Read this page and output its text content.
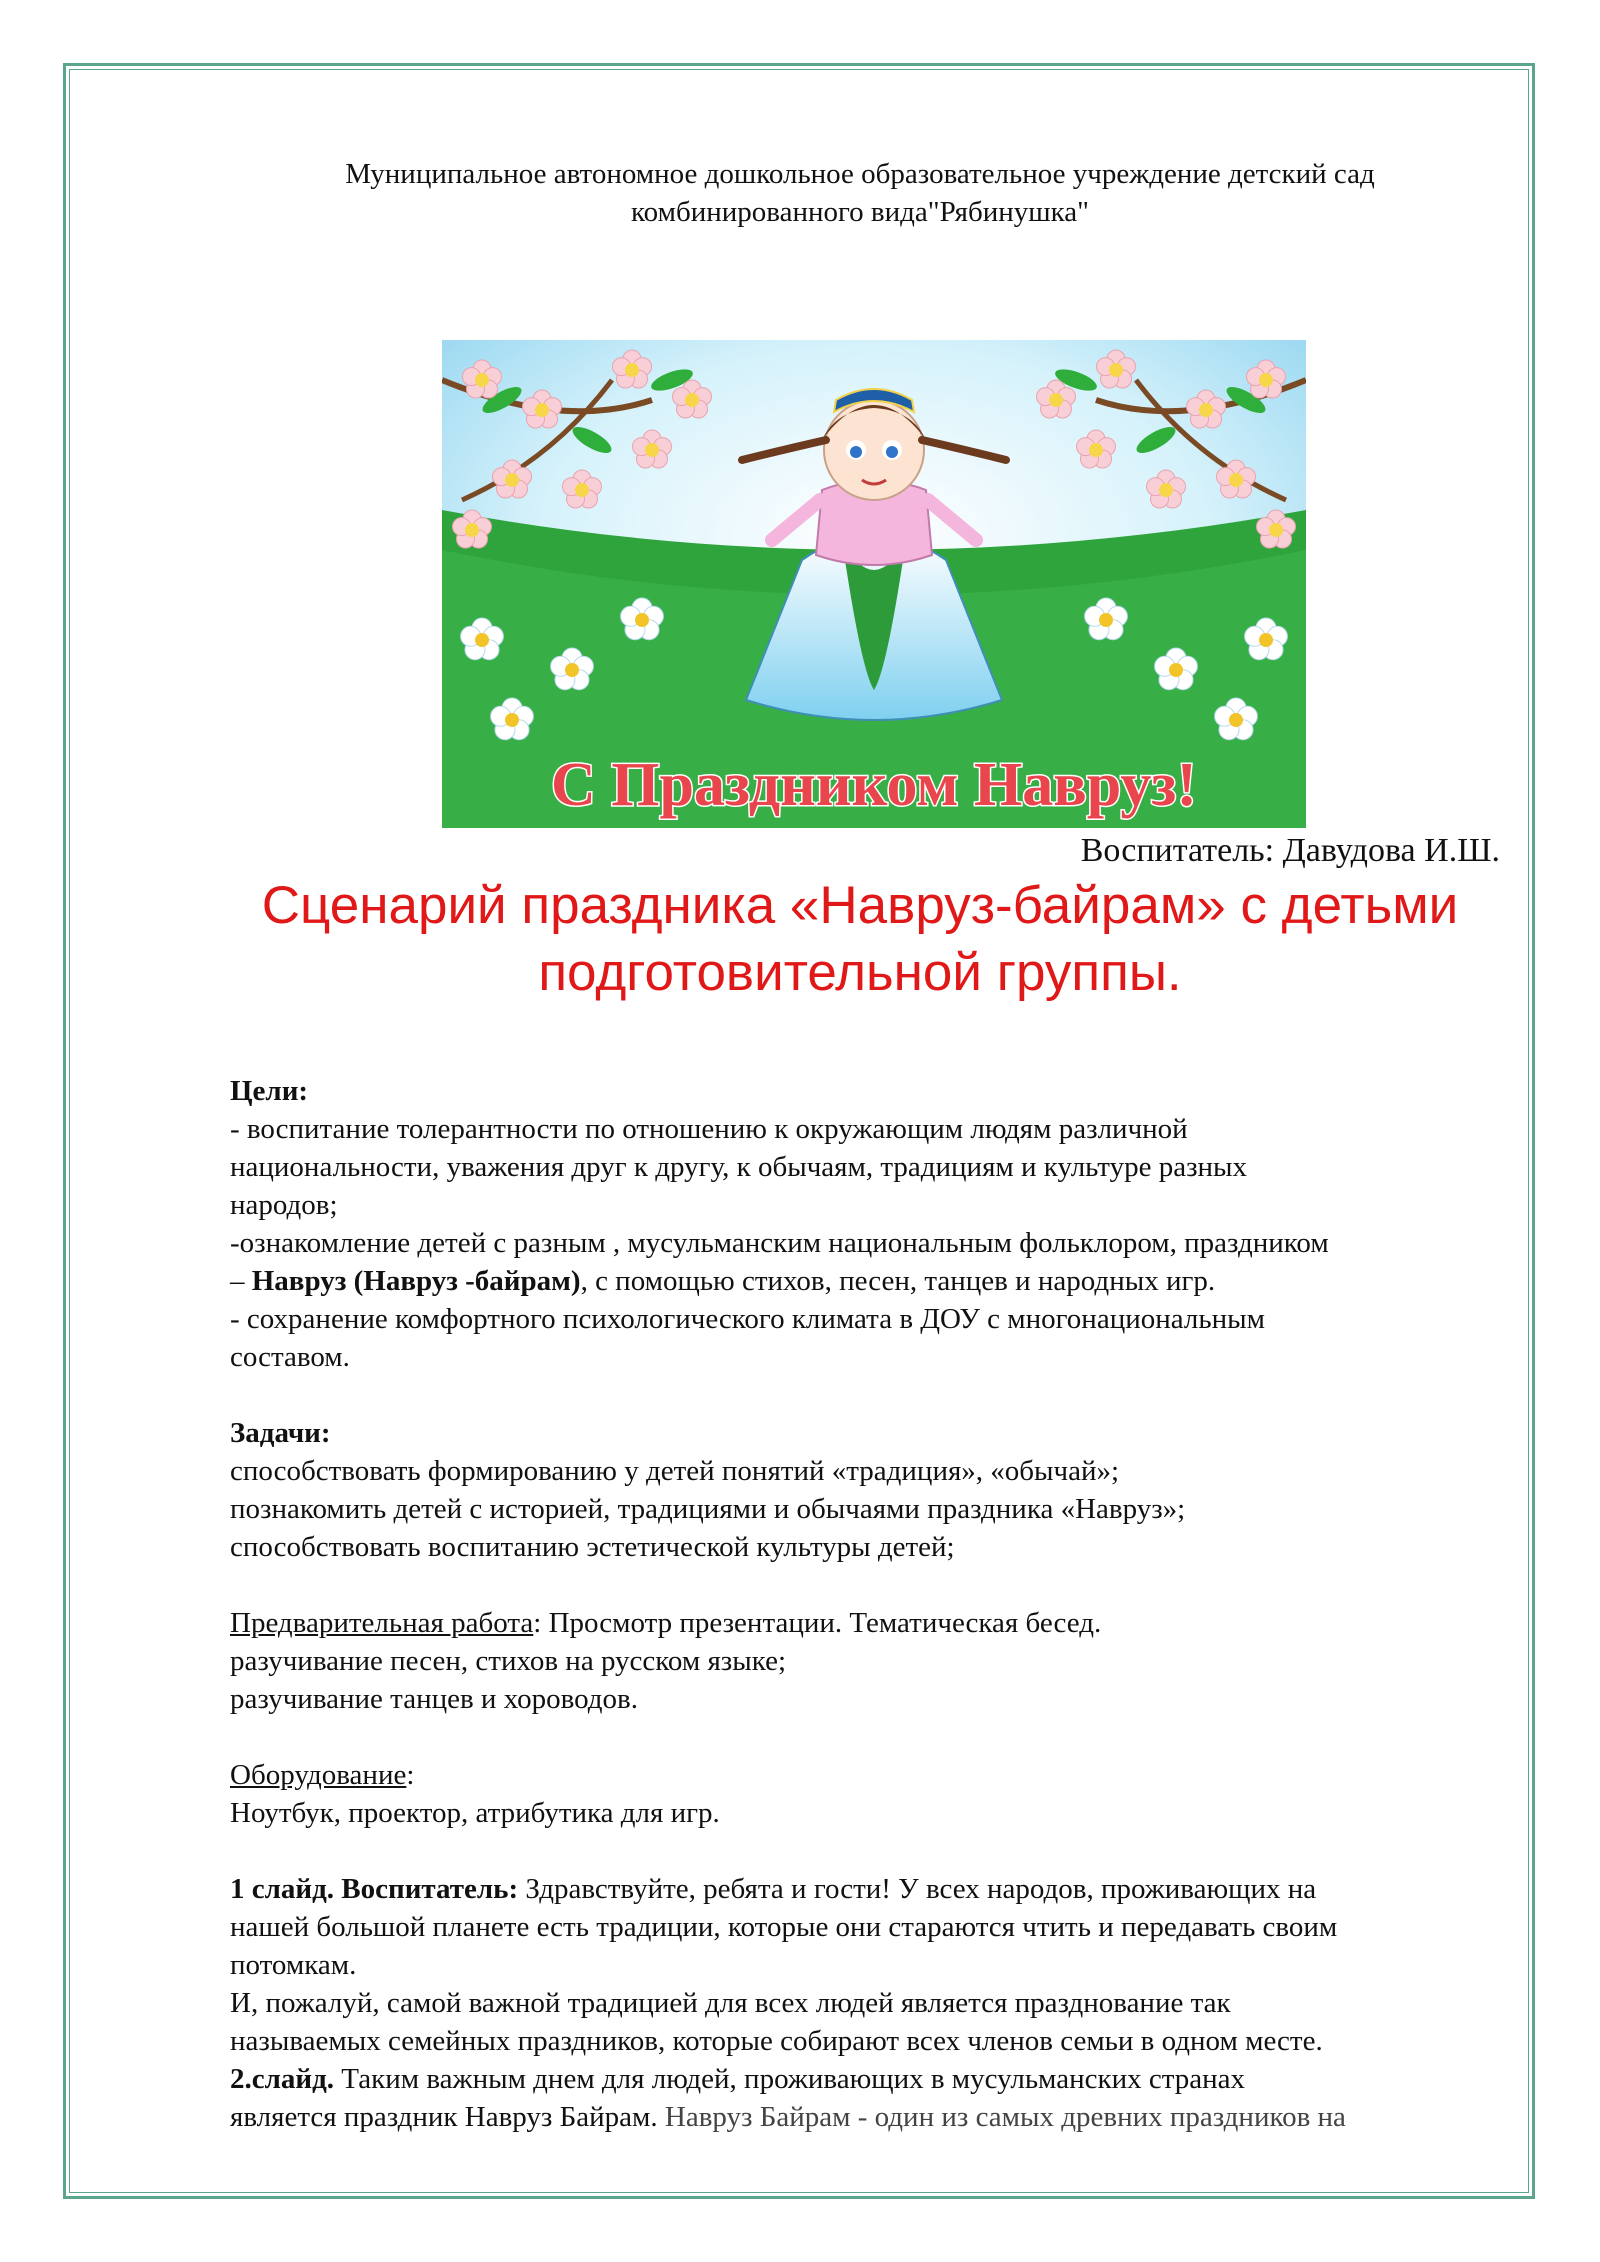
Муниципальное автономное дошкольное образовательное учреждение детский сад
комбинированного вида"Рябинушка"
С Праздником Навруз!
Воспитатель: Давудова И.Ш.
Сценарий праздника «Навруз-байрам» с детьми
подготовительной группы.

Цели:

- воспитание толерантности по отношению к окружающим людям различной

национальности, уважения друг к другу, к обычаям, традициям и культуре разных

народов;

-ознакомление детей с разным , мусульманским национальным фольклором, праздником

– Навруз (Навруз -байрам), с помощью стихов, песен, танцев и народных игр.

- сохранение комфортного психологического климата в ДОУ с многонациональным

составом.

Задачи:

способствовать формированию у детей понятий «традиция», «обычай»;

познакомить детей с историей, традициями и обычаями праздника «Навруз»;

способствовать воспитанию эстетической культуры детей;

Предварительная работа: Просмотр презентации. Тематическая бесед.

разучивание песен, стихов на русском языке;

разучивание танцев и хороводов.

Оборудование:

Ноутбук, проектор, атрибутика для игр.

1 слайд. Воспитатель: Здравствуйте, ребята и гости! У всех народов, проживающих на

нашей большой планете есть традиции, которые они стараются чтить и передавать своим

потомкам.

И, пожалуй, самой важной традицией для всех людей является празднование так

называемых семейных праздников, которые собирают всех членов семьи в одном месте.

2.слайд. Таким важным днем для людей, проживающих в мусульманских странах

является праздник Навруз Байрам. Навруз Байрам - один из самых древних праздников на
